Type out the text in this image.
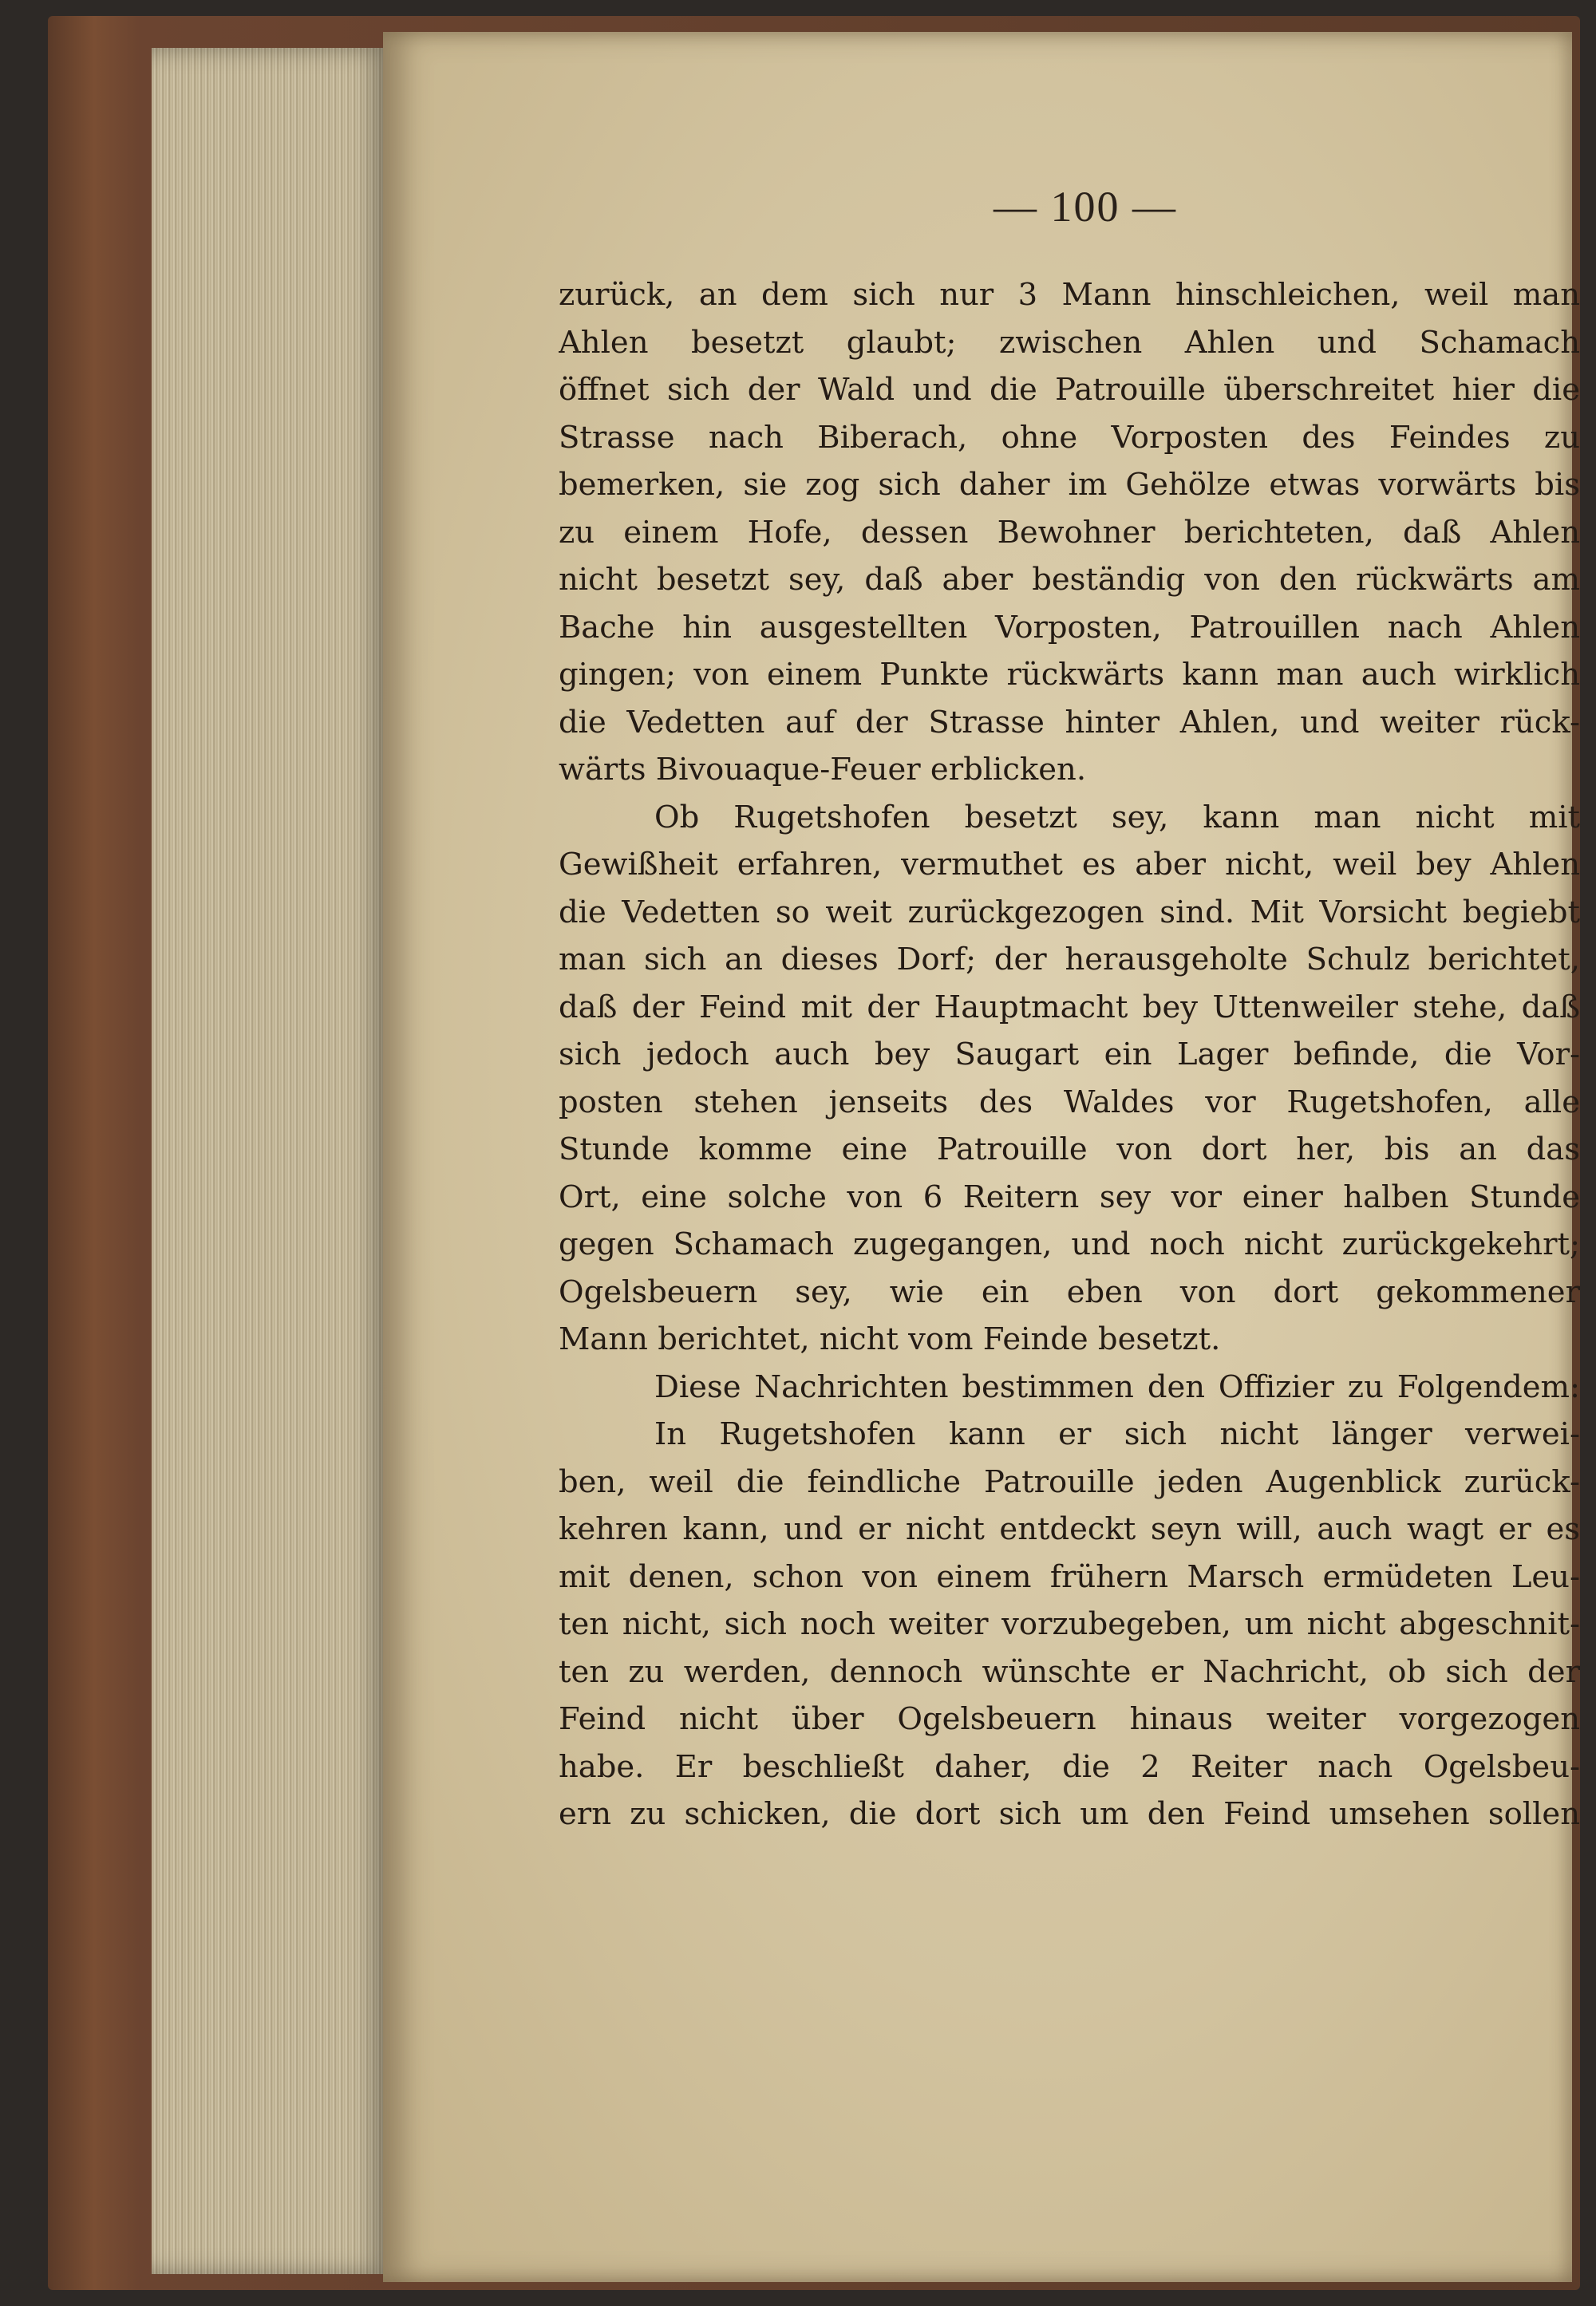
— 100 —
zurück, an dem sich nur 3 Mann hinschleichen, weil man
Ahlen besetzt glaubt; zwischen Ahlen und Schamach
öffnet sich der Wald und die Patrouille überschreitet hier die
Strasse nach Biberach, ohne Vorposten des Feindes zu
bemerken, sie zog sich daher im Gehölze etwas vorwärts bis
zu einem Hofe, dessen Bewohner berichteten, daß Ahlen
nicht besetzt sey, daß aber beständig von den rückwärts am
Bache hin ausgestellten Vorposten, Patrouillen nach Ahlen
gingen; von einem Punkte rückwärts kann man auch wirklich
die Vedetten auf der Strasse hinter Ahlen, und weiter rück-
wärts Bivouaque-Feuer erblicken.
Ob Rugetshofen besetzt sey, kann man nicht mit
Gewißheit erfahren, vermuthet es aber nicht, weil bey Ahlen
die Vedetten so weit zurückgezogen sind. Mit Vorsicht begiebt
man sich an dieses Dorf; der herausgeholte Schulz berichtet,
daß der Feind mit der Hauptmacht bey Uttenweiler stehe, daß
sich jedoch auch bey Saugart ein Lager befinde, die Vor-
posten stehen jenseits des Waldes vor Rugetshofen, alle
Stunde komme eine Patrouille von dort her, bis an das
Ort, eine solche von 6 Reitern sey vor einer halben Stunde
gegen Schamach zugegangen, und noch nicht zurückgekehrt;
Ogelsbeuern sey, wie ein eben von dort gekommener
Mann berichtet, nicht vom Feinde besetzt.
Diese Nachrichten bestimmen den Offizier zu Folgendem:
In Rugetshofen kann er sich nicht länger verwei-
ben, weil die feindliche Patrouille jeden Augenblick zurück-
kehren kann, und er nicht entdeckt seyn will, auch wagt er es
mit denen, schon von einem frühern Marsch ermüdeten Leu-
ten nicht, sich noch weiter vorzubegeben, um nicht abgeschnit-
ten zu werden, dennoch wünschte er Nachricht, ob sich der
Feind nicht über Ogelsbeuern hinaus weiter vorgezogen
habe. Er beschließt daher, die 2 Reiter nach Ogelsbeu-
ern zu schicken, die dort sich um den Feind umsehen sollen
